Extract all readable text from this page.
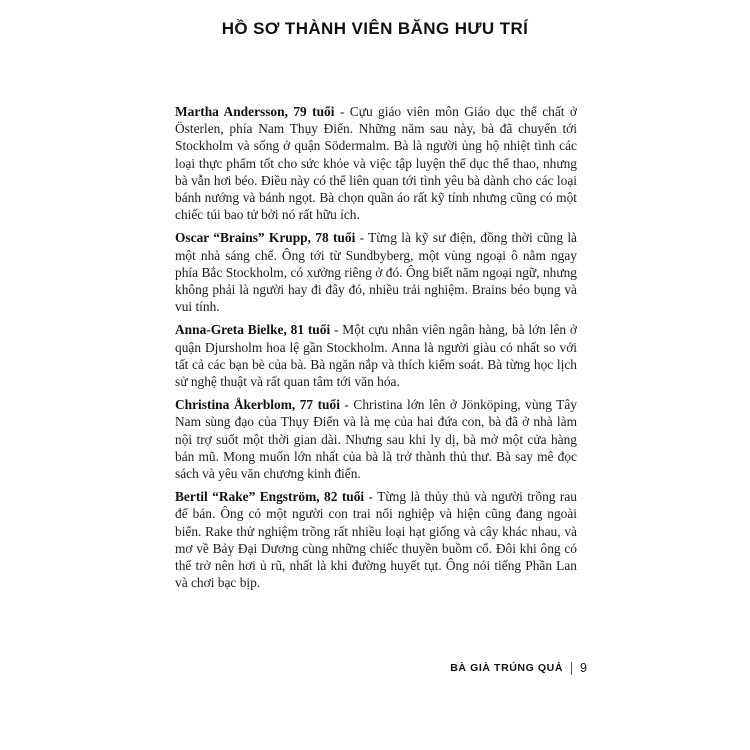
HỒ SƠ THÀNH VIÊN BĂNG HƯU TRÍ

Martha Andersson, 79 tuổi - Cựu giáo viên môn Giáo dục thể chất ở Österlen, phía Nam Thụy Điển. Những năm sau này, bà đã chuyển tới Stockholm và sống ở quận Södermalm. Bà là người ủng hộ nhiệt tình các loại thực phẩm tốt cho sức khỏe và việc tập luyện thể dục thể thao, nhưng bà vẫn hơi béo. Điều này có thể liên quan tới tình yêu bà dành cho các loại bánh nướng và bánh ngọt. Bà chọn quần áo rất kỹ tính nhưng cũng có một chiếc túi bao tử bởi nó rất hữu ích.

Oscar “Brains” Krupp, 78 tuổi - Từng là kỹ sư điện, đồng thời cũng là một nhà sáng chế. Ông tới từ Sundbyberg, một vùng ngoại ô nằm ngay phía Bắc Stockholm, có xưởng riêng ở đó. Ông biết năm ngoại ngữ, nhưng không phải là người hay đi đây đó, nhiều trải nghiệm. Brains béo bụng và vui tính.

Anna-Greta Bielke, 81 tuổi - Một cựu nhân viên ngân hàng, bà lớn lên ở quận Djursholm hoa lệ gần Stockholm. Anna là người giàu có nhất so với tất cả các bạn bè của bà. Bà ngăn nắp và thích kiểm soát. Bà từng học lịch sử nghệ thuật và rất quan tâm tới văn hóa.

Christina Åkerblom, 77 tuổi - Christina lớn lên ở Jönköping, vùng Tây Nam sùng đạo của Thụy Điển và là mẹ của hai đứa con, bà đã ở nhà làm nội trợ suốt một thời gian dài. Nhưng sau khi ly dị, bà mở một cửa hàng bán mũ. Mong muốn lớn nhất của bà là trở thành thủ thư. Bà say mê đọc sách và yêu văn chương kinh điển.

Bertil “Rake” Engström, 82 tuổi - Từng là thủy thủ và người trồng rau để bán. Ông có một người con trai nối nghiệp và hiện cũng đang ngoài biển. Rake thử nghiệm trồng rất nhiều loại hạt giống và cây khác nhau, và mơ về Bảy Đại Dương cùng những chiếc thuyền buồm cổ. Đôi khi ông có thể trở nên hơi ủ rũ, nhất là khi đường huyết tụt. Ông nói tiếng Phần Lan và chơi bạc bịp.

BÀ GIÀ TRÚNG QUẢ 9
